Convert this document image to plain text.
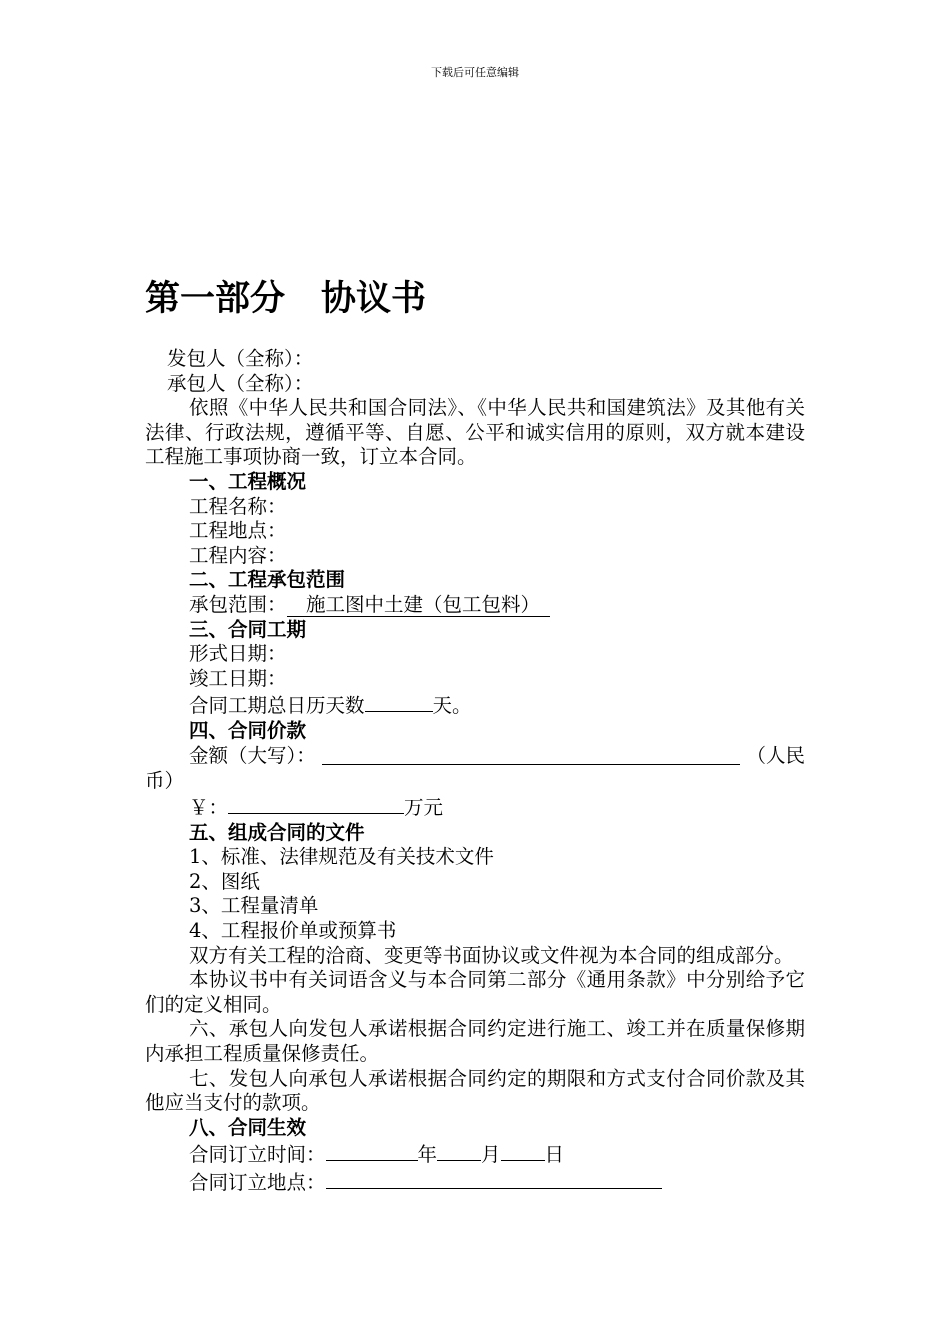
下载后可任意编辑
第一部分 协议书

发包人（全称）：

承包人（全称）：

依照《中华人民共和国合同法》、《中华人民共和国建筑法》及其他有关法律、行政法规，遵循平等、自愿、公平和诚实信用的原则，双方就本建设工程施工事项协商一致，订立本合同。

一、工程概况

工程名称：

工程地点：

工程内容：

二、工程承包范围

承包范围：  施工图中土建（包工包料） 

三、合同工期

形式日期：

竣工日期：

合同工期总日历天数	天。

四、合同价款

金额（大写）：	（人民

币）

￥：	万元

五、组成合同的文件

1、标准、法律规范及有关技术文件

2、图纸

3、工程量清单

4、工程报价单或预算书

双方有关工程的洽商、变更等书面协议或文件视为本合同的组成部分。

本协议书中有关词语含义与本合同第二部分《通用条款》中分别给予它们的定义相同。

六、承包人向发包人承诺根据合同约定进行施工、竣工并在质量保修期内承担工程质量保修责任。

七、发包人向承包人承诺根据合同约定的期限和方式支付合同价款及其他应当支付的款项。

八、合同生效

合同订立时间：	年 月 日

合同订立地点：
